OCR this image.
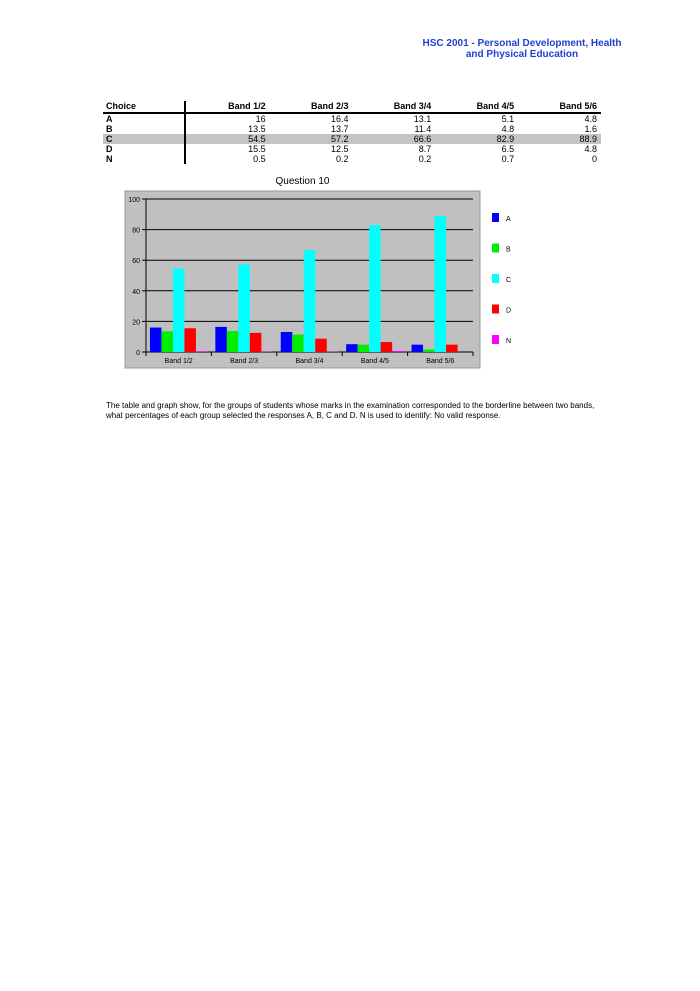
HSC 2001 - Personal Development, Health
and Physical Education
Choice	Band 1/2	Band 2/3	Band 3/4	Band 4/5	Band 5/6
A	16	16.4	13.1	5.1	4.8
B	13.5	13.7	11.4	4.8	1.6
C	54.5	57.2	66.6	82.9	88.9
D	15.5	12.5	8.7	6.5	4.8
N	0.5	0.2	0.2	0.7	0
Question 10
0
20
40
60
80
100
Band 1/2	Band 2/3	Band 3/4	Band 4/5	Band 5/6
A
B
C
D
N
The table and graph show, for the groups of students whose marks in the examination corresponded to the borderline between two bands, what percentages of each group selected the responses A, B, C and D. N is used to identify: No valid response.
